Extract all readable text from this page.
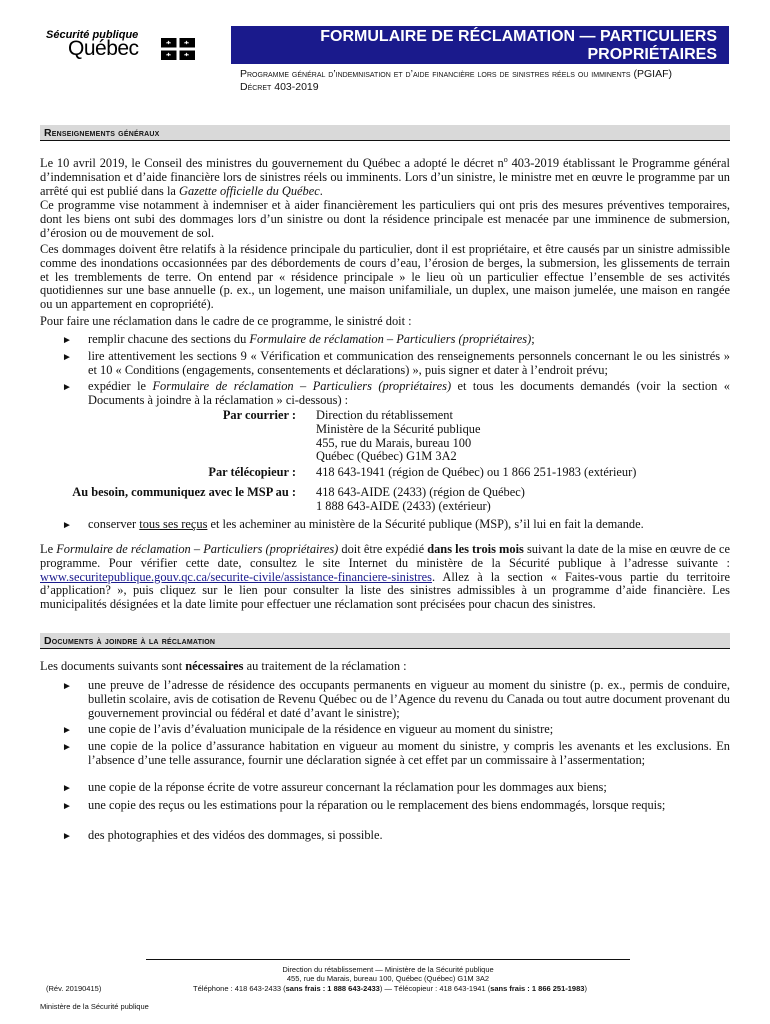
Sécurité publique
Québec
FORMULAIRE DE RÉCLAMATION — PARTICULIERS PROPRIÉTAIRES
Programme général d’indemnisation et d’aide financière lors de sinistres réels ou imminents (PGIAF)
Décret 403-2019
Renseignements généraux
Le 10 avril 2019, le Conseil des ministres du gouvernement du Québec a adopté le décret $n^o$ 403-2019 établissant le Programme général d’indemnisation et d’aide financière lors de sinistres réels ou imminents. Lors d’un sinistre, le ministre met en œuvre le programme par un arrêté qui est publié dans la Gazette officielle du Québec.
Ce programme vise notamment à indemniser et à aider financièrement les particuliers qui ont pris des mesures préventives temporaires, dont les biens ont subi des dommages lors d’un sinistre ou dont la résidence principale est menacée par une imminence de submersion, d’érosion ou de mouvement de sol.
Ces dommages doivent être relatifs à la résidence principale du particulier, dont il est propriétaire, et être causés par un sinistre admissible comme des inondations occasionnées par des débordements de cours d’eau, l’érosion de berges, la submersion, les glissements de terrain et les tremblements de terre. On entend par « résidence principale » le lieu où un particulier effectue l’ensemble de ses activités quotidiennes sur une base annuelle (p. ex., un logement, une maison unifamiliale, un duplex, une maison jumelée, une maison en rangée ou un appartement en copropriété).
Pour faire une réclamation dans le cadre de ce programme, le sinistré doit :
► remplir chacune des sections du Formulaire de réclamation – Particuliers (propriétaires);
► lire attentivement les sections 9 « Vérification et communication des renseignements personnels concernant le ou les sinistrés » et 10 « Conditions (engagements, consentements et déclarations) », puis signer et dater à l’endroit prévu;
► expédier le Formulaire de réclamation – Particuliers (propriétaires) et tous les documents demandés (voir la section « Documents à joindre à la réclamation » ci-dessous) :
Par courrier : Direction du rétablissement
Ministère de la Sécurité publique
455, rue du Marais, bureau 100
Québec (Québec) G1M 3A2
Par télécopieur : 418 643-1941 (région de Québec) ou 1 866 251-1983 (extérieur)
Au besoin, communiquez avec le MSP au : 418 643-AIDE (2433) (région de Québec)
1 888 643-AIDE (2433) (extérieur)
► conserver tous ses reçus et les acheminer au ministère de la Sécurité publique (MSP), s’il lui en fait la demande.
Le Formulaire de réclamation – Particuliers (propriétaires) doit être expédié dans les trois mois suivant la date de la mise en œuvre de ce programme. Pour vérifier cette date, consultez le site Internet du ministère de la Sécurité publique à l’adresse suivante : www.securitepublique.gouv.qc.ca/securite-civile/assistance-financiere-sinistres. Allez à la section « Faites-vous partie du territoire d’application? », puis cliquez sur le lien pour consulter la liste des sinistres admissibles à un programme d’aide financière. Les municipalités désignées et la date limite pour effectuer une réclamation sont précisées pour chacun des sinistres.
Documents à joindre à la réclamation
Les documents suivants sont nécessaires au traitement de la réclamation :
► une preuve de l’adresse de résidence des occupants permanents en vigueur au moment du sinistre (p. ex., permis de conduire, bulletin scolaire, avis de cotisation de Revenu Québec ou de l’Agence du revenu du Canada ou tout autre document provenant du gouvernement provincial ou fédéral et daté d’avant le sinistre);
► une copie de l’avis d’évaluation municipale de la résidence en vigueur au moment du sinistre;
► une copie de la police d’assurance habitation en vigueur au moment du sinistre, y compris les avenants et les exclusions. En l’absence d’une telle assurance, fournir une déclaration signée à cet effet par un commissaire à l’assermentation;
► une copie de la réponse écrite de votre assureur concernant la réclamation pour les dommages aux biens;
► une copie des reçus ou les estimations pour la réparation ou le remplacement des biens endommagés, lorsque requis;
► des photographies et des vidéos des dommages, si possible.
Direction du rétablissement — Ministère de la Sécurité publique
455, rue du Marais, bureau 100, Québec (Québec) G1M 3A2
(Rév. 20190415)	Téléphone : 418 643-2433 (sans frais : 1 888 643-2433) — Télécopieur : 418 643-1941 (sans frais : 1 866 251-1983)
Ministère de la Sécurité publique
